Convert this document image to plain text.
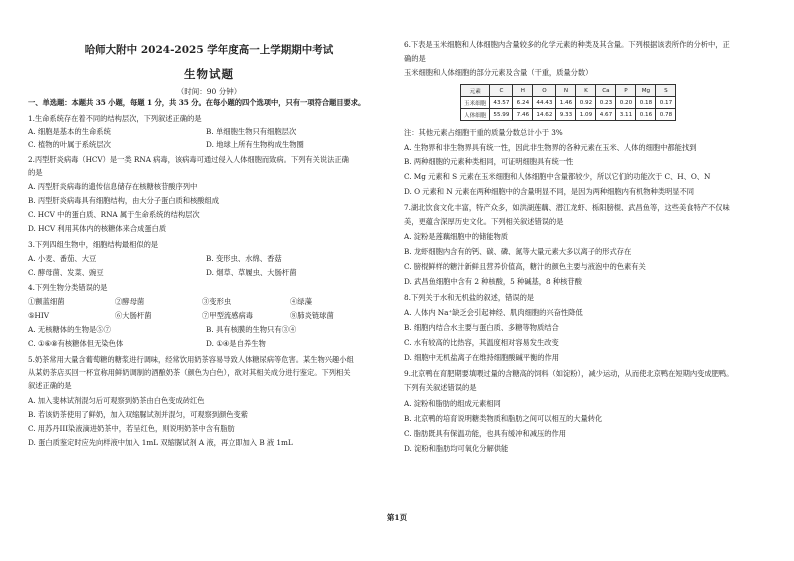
哈师大附中 2024-2025 学年度高一上学期期中考试
生物试题
（时间：90 分钟）
一、单选题：本题共 35 小题，每题 1 分，共 35 分。在每小题的四个选项中，只有一项符合题目要求。
1.生命系统存在着不同的结构层次，下列叙述正确的是
A. 细胞是基本的生命系统	B. 单细胞生物只有细胞层次
C. 植物的叶属于系统层次	D. 地球上所有生物构成生物圈
2.丙型肝炎病毒（HCV）是一类 RNA 病毒，该病毒可通过侵入人体细胞而致病。下列有关说法正确
的是
A. 丙型肝炎病毒的遗传信息储存在核糖核苷酸序列中
B. 丙型肝炎病毒具有细胞结构，由大分子蛋白质和核酸组成
C. HCV 中的蛋白质、RNA 属于生命系统的结构层次
D. HCV 利用其体内的核糖体来合成蛋白质
3.下列四组生物中，细胞结构最相似的是
A. 小麦、番茄、大豆	B. 变形虫、水绵、香菇
C. 酵母菌、发菜、豌豆	D. 烟草、草履虫、大肠杆菌
4.下列生物分类错误的是
①颤蓝细菌	②酵母菌	③变形虫	④绿藻
⑤HIV	⑥大肠杆菌	⑦甲型流感病毒	⑧肺炎链球菌
A. 无核糖体的生物是⑤⑦	B. 具有核膜的生物只有③④
C. ①⑥⑧有核糖体但无染色体	D. ①④是自养生物
5.奶茶常用大量含葡萄糖的糖浆进行调味，经常饮用奶茶容易导致人体糖尿病等危害。某生物兴趣小组
从某奶茶店买回一杯宣称用鲜奶调制的酒酿奶茶（颜色为白色），欲对其相关成分进行鉴定。下列相关
叙述正确的是
A. 加入斐林试剂混匀后可观察到奶茶由白色变成砖红色
B. 若该奶茶使用了鲜奶，加入双缩脲试剂并混匀，可观察到颜色变紫
C. 用苏丹III染液滴进奶茶中，若呈红色，则说明奶茶中含有脂肪
D. 蛋白质鉴定时应先向样液中加入 1mL 双缩脲试剂 A 液，再立即加入 B 液 1mL
6.下表是玉米细胞和人体细胞内含量较多的化学元素的种类及其含量。下列根据该表所作的分析中，正
确的是
玉米细胞和人体细胞的部分元素及含量（干重，质量分数）
元素	C	H	O	N	K	Ca	P	Mg	S
玉米细胞	43.57	6.24	44.43	1.46	0.92	0.23	0.20	0.18	0.17
人体细胞	55.99	7.46	14.62	9.33	1.09	4.67	3.11	0.16	0.78
注：其他元素占细胞干重的质量分数总计小于 3%
A. 生物界和非生物界具有统一性，因此非生物界的各种元素在玉米、人体的细胞中都能找到
B. 两种细胞的元素种类相同，可证明细胞具有统一性
C. Mg 元素和 S 元素在玉米细胞和人体细胞中含量都较少，所以它们的功能次于 C、H、O、N
D. O 元素和 N 元素在两种细胞中的含量明显不同，是因为两种细胞内有机物种类明显不同
7.湖北饮食文化丰富，特产众多，如洪湖莲藕、潜江龙虾、栎阳膀棍、武昌鱼等，这些美食特产不仅味
美，更蕴含深厚历史文化。下列相关叙述错误的是
A. 淀粉是莲藕细胞中的储能物质
B. 龙虾细胞内含有的钙、碳、磷、氮等大量元素大多以离子的形式存在
C. 膀棍鲜样的糖汁新鲜且营养价值高，糖汁的颜色主要与液泡中的色素有关
D. 武昌鱼细胞中含有 2 种核酸，5 种碱基，8 种核苷酸
8.下列关于水和无机盐的叙述，错误的是
A. 人体内 Na⁺缺乏会引起神经、肌肉细胞的兴奋性降低
B. 细胞内结合水主要与蛋白质、多糖等物质结合
C. 水有较高的比热容，其温度相对容易发生改变
D. 细胞中无机盐离子在维持细胞酸碱平衡的作用
9.北京鸭在育肥期要填喂过量的含糖高的饲料（如淀粉），减少运动，从而使北京鸭在短期内变成肥鸭。
下列有关叙述错误的是
A. 淀粉和脂肪的组成元素相同
B. 北京鸭的培育说明糖类物质和脂肪之间可以相互的大量转化
C. 脂肪既具有保温功能，也具有缓冲和减压的作用
D. 淀粉和脂肪均可氧化分解供能
第1页
